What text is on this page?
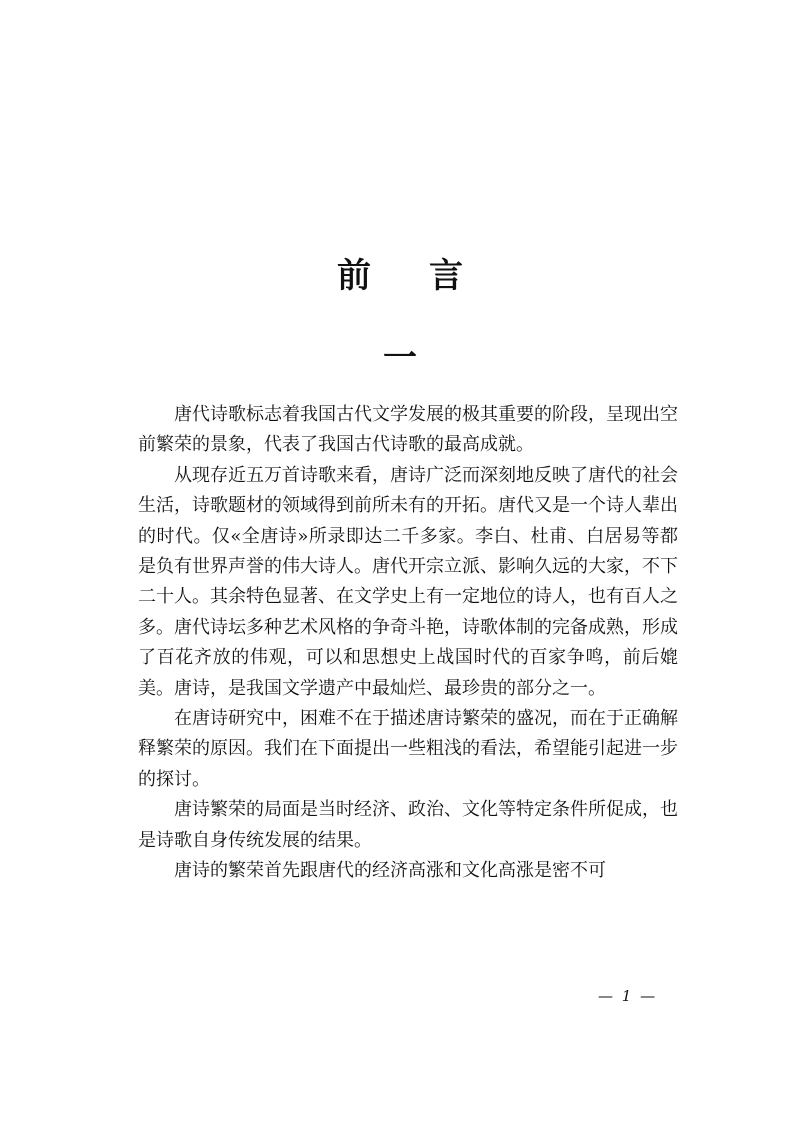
前言
一

唐代诗歌标志着我国古代文学发展的极其重要的阶段，呈现出空前繁荣的景象，代表了我国古代诗歌的最高成就。

从现存近五万首诗歌来看，唐诗广泛而深刻地反映了唐代的社会生活，诗歌题材的领域得到前所未有的开拓。唐代又是一个诗人辈出的时代。仅«全唐诗»所录即达二千多家。李白、杜甫、白居易等都是负有世界声誉的伟大诗人。唐代开宗立派、影响久远的大家，不下二十人。其余特色显著、在文学史上有一定地位的诗人，也有百人之多。唐代诗坛多种艺术风格的争奇斗艳，诗歌体制的完备成熟，形成了百花齐放的伟观，可以和思想史上战国时代的百家争鸣，前后媲美。唐诗，是我国文学遗产中最灿烂、最珍贵的部分之一。

在唐诗研究中，困难不在于描述唐诗繁荣的盛况，而在于正确解释繁荣的原因。我们在下面提出一些粗浅的看法，希望能引起进一步的探讨。

唐诗繁荣的局面是当时经济、政治、文化等特定条件所促成，也是诗歌自身传统发展的结果。

唐诗的繁荣首先跟唐代的经济高涨和文化高涨是密不可

— 1 —
